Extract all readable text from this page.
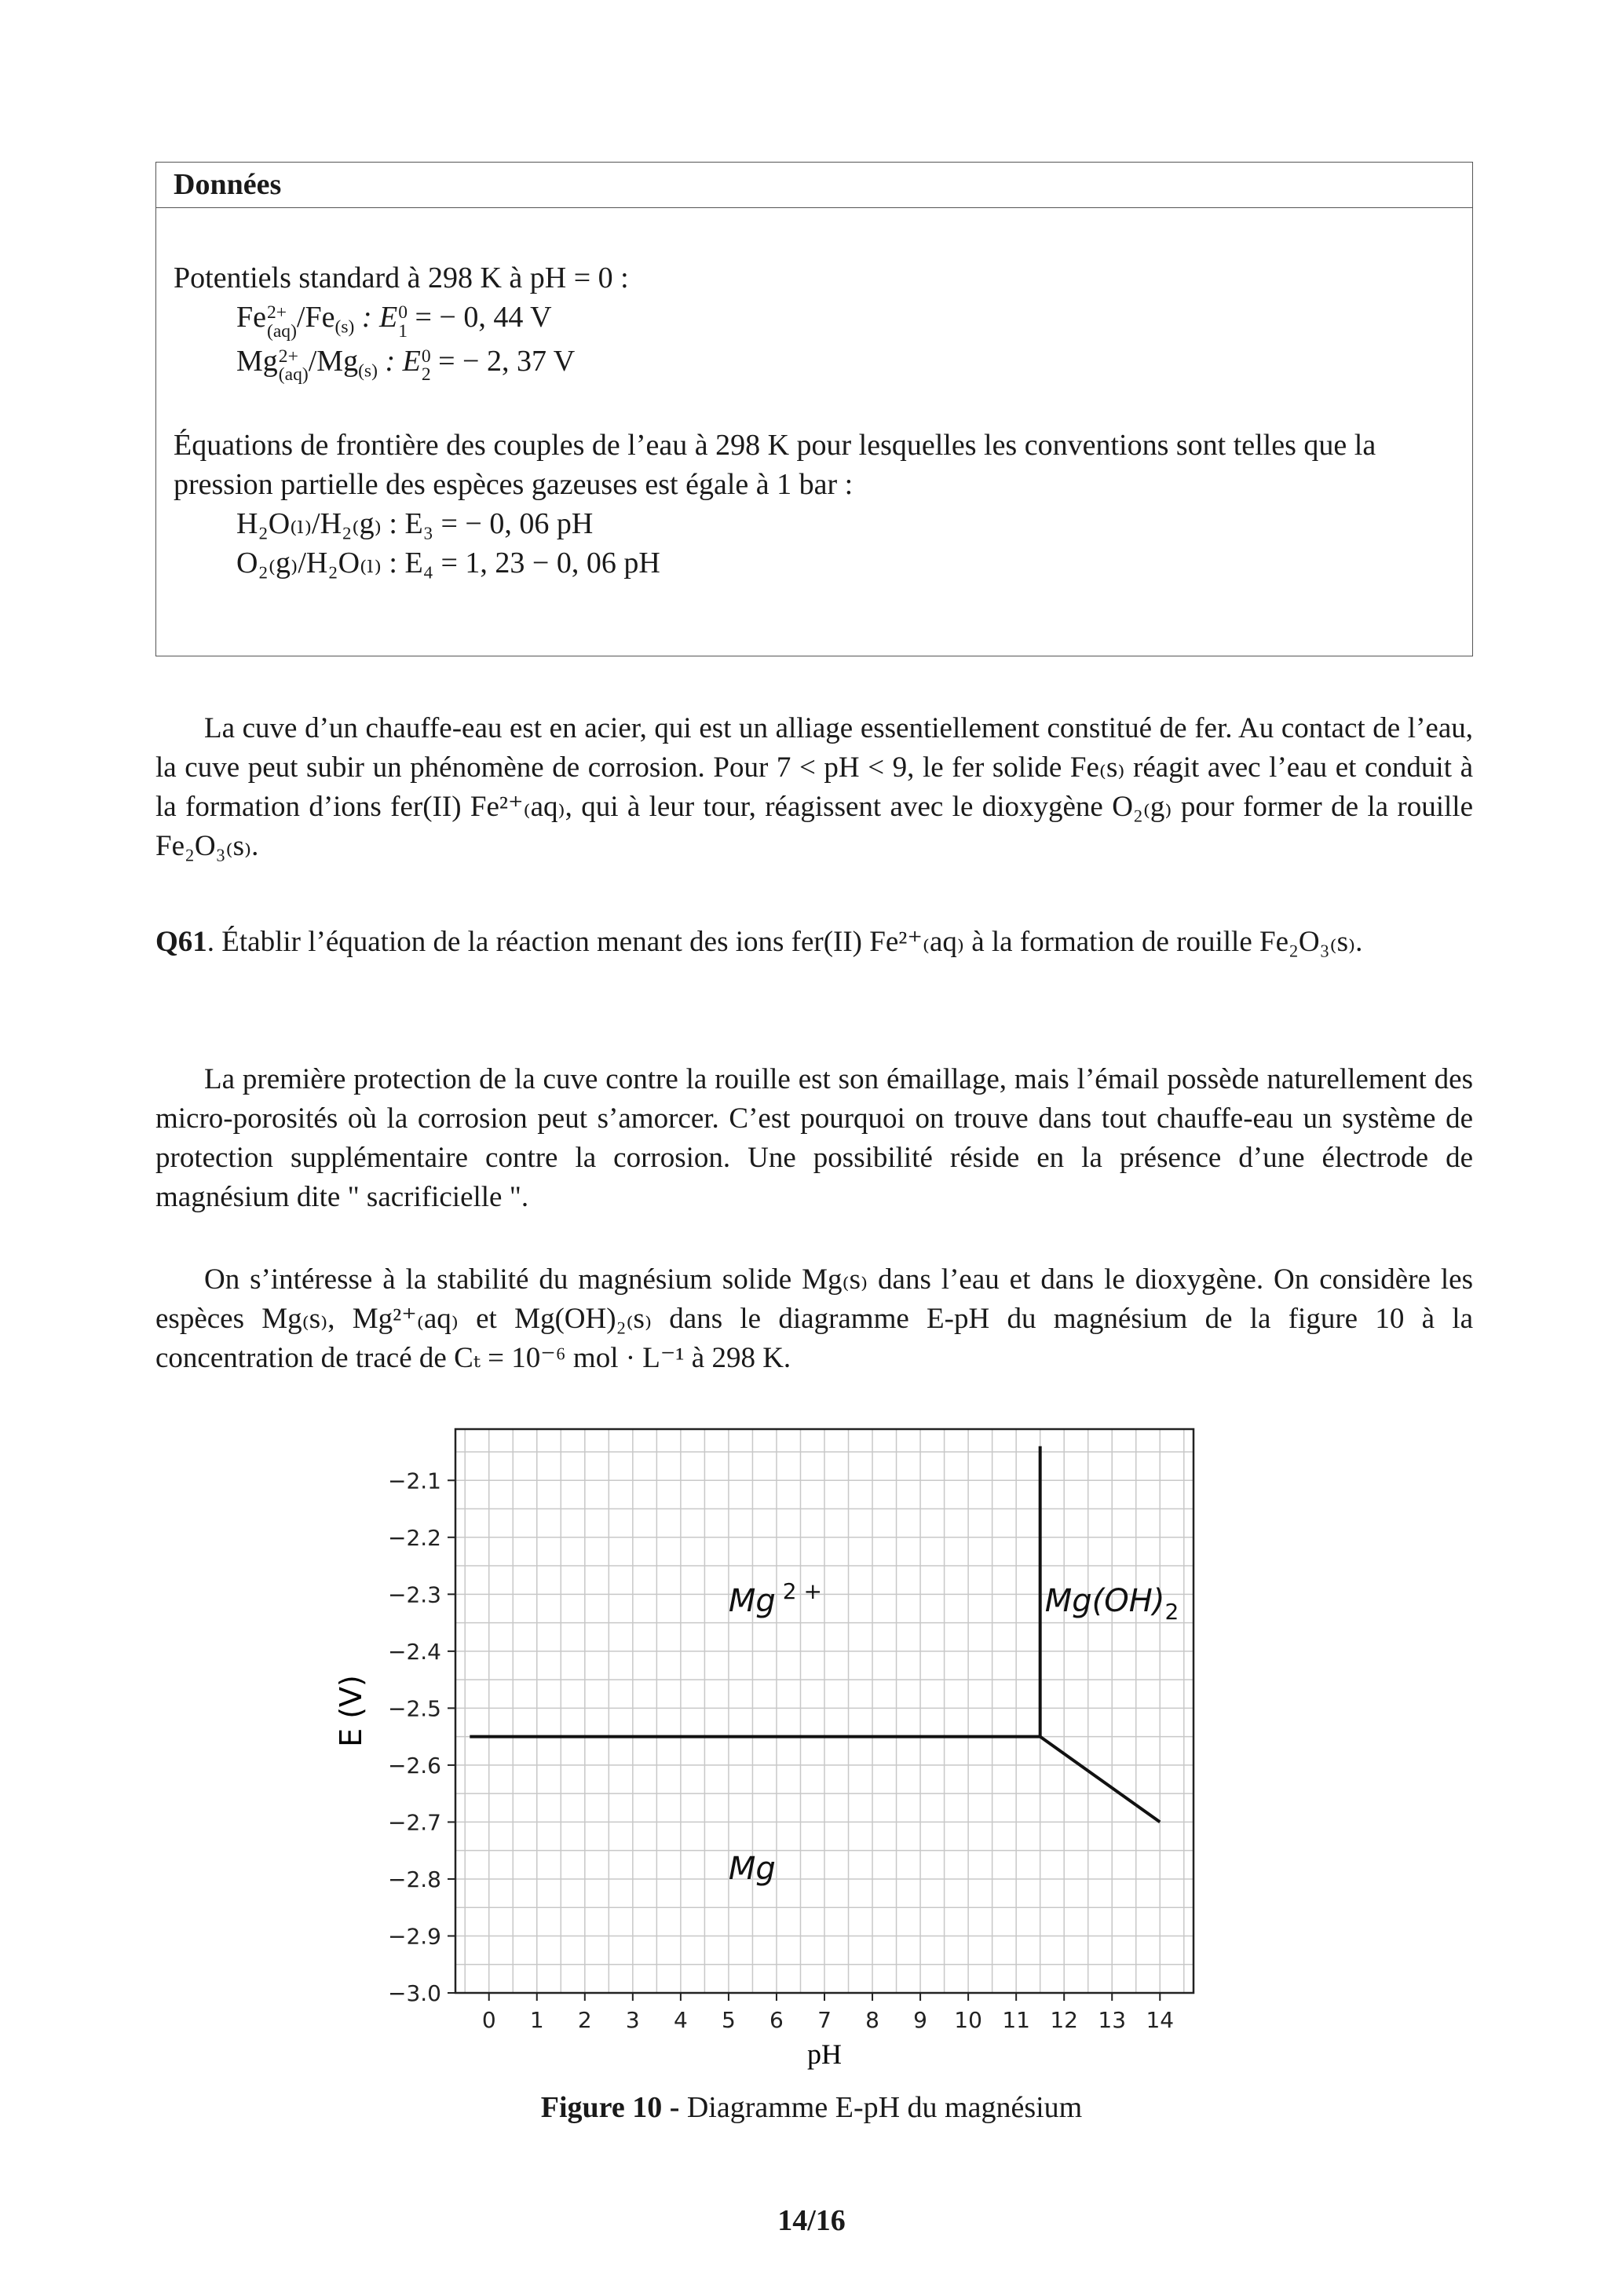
Données
Potentiels standard à 298 K à pH = 0 :
Fe 2+
(aq) $/Fe_{(s)}$ : E 0
1 = − 0, 44 V
Mg 2+
(aq) $/Mg_{(s)}$ : E 0
2 = − 2, 37 V
Équations de frontière des couples de l’eau à 298 K pour lesquelles les conventions sont telles que la pression partielle des espèces gazeuses est égale à 1 bar :
H₂O₍ₗ₎/H₂₍g₎ : E₃ = − 0, 06 pH
O₂₍g₎/H₂O₍ₗ₎ : E₄ = 1, 23 − 0, 06 pH

La cuve d’un chauffe-eau est en acier, qui est un alliage essentiellement constitué de fer. Au contact de l’eau, la cuve peut subir un phénomène de corrosion. Pour 7 < pH < 9, le fer solide Fe₍s₎ réagit avec l’eau et conduit à la formation d’ions fer(II) Fe²⁺₍aq₎, qui à leur tour, réagissent avec le dioxygène O₂₍g₎ pour former de la rouille Fe₂O₃₍s₎.

Q61. Établir l’équation de la réaction menant des ions fer(II) Fe²⁺₍aq₎ à la formation de rouille Fe₂O₃₍s₎.

La première protection de la cuve contre la rouille est son émaillage, mais l’émail possède naturellement des micro-porosités où la corrosion peut s’amorcer. C’est pourquoi on trouve dans tout chauffe-eau un système de protection supplémentaire contre la corrosion. Une possibilité réside en la présence d’une électrode de magnésium dite " sacrificielle ".

On s’intéresse à la stabilité du magnésium solide Mg₍s₎ dans l’eau et dans le dioxygène. On considère les espèces Mg₍s₎, Mg²⁺₍aq₎ et Mg(OH)₂₍s₎ dans le diagramme E-pH du magnésium de la figure 10 à la concentration de tracé de Cₜ = 10⁻⁶ mol · L⁻¹ à 298 K.

0 1 2 3 4 5 6 7 8 9 10 11 12 13 14
−2.1
−2.2
−2.3
−2.4
−2.5
−2.6
−2.7
−2.8
−2.9
−3.0
Mg $^{2 +}$	$Mg(OH)_2$
Mg
pH
E (V)
Figure 10 - Diagramme E-pH du magnésium
14/16
